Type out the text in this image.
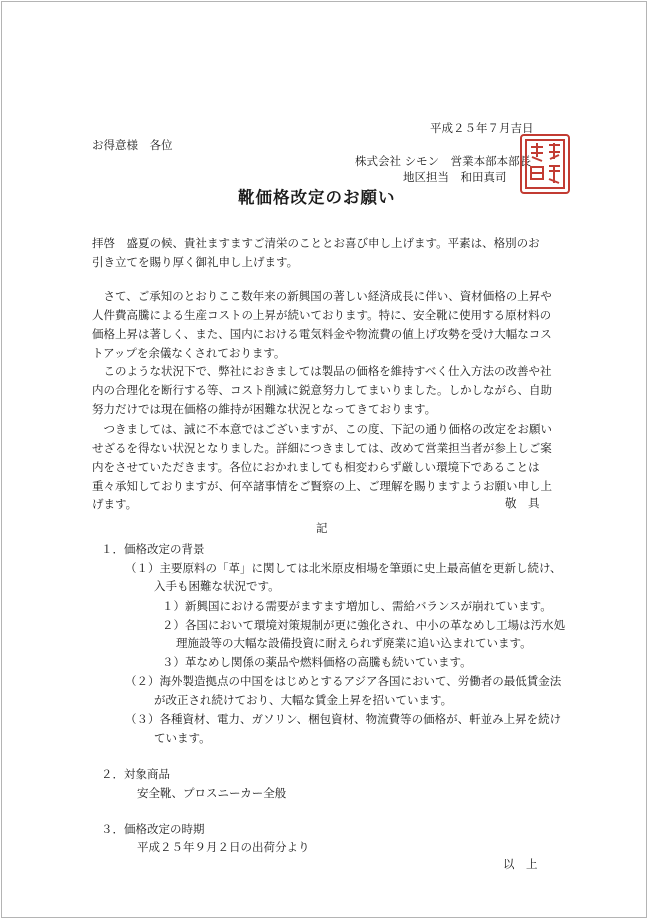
平成２５年７月吉日
お得意様　各位
株式会社 シモン　営業本部本部長
地区担当　和田真司
靴価格改定のお願い
拝啓　盛夏の候、貴社ますますご清栄のこととお喜び申し上げます。平素は、格別のお
引き立てを賜り厚く御礼申し上げます。
　さて、ご承知のとおりここ数年来の新興国の著しい経済成長に伴い、資材価格の上昇や
人件費高騰による生産コストの上昇が続いております。特に、安全靴に使用する原材料の
価格上昇は著しく、また、国内における電気料金や物流費の値上げ攻勢を受け大幅なコス
トアップを余儀なくされております。
　このような状況下で、弊社におきましては製品の価格を維持すべく仕入方法の改善や社
内の合理化を断行する等、コスト削減に鋭意努力してまいりました。しかしながら、自助
努力だけでは現在価格の維持が困難な状況となってきております。
　つきましては、誠に不本意ではございますが、この度、下記の通り価格の改定をお願い
せざるを得ない状況となりました。詳細につきましては、改めて営業担当者が参上しご案
内をさせていただきます。各位におかれましても相変わらず厳しい環境下であることは
重々承知しておりますが、何卒諸事情をご賢察の上、ご理解を賜りますようお願い申し上
げます。	敬　具
記
１．価格改定の背景
（１）主要原料の「革」に関しては北米原皮相場を筆頭に史上最高値を更新し続け、
入手も困難な状況です。
１）新興国における需要がますます増加し、需給バランスが崩れています。
２）各国において環境対策規制が更に強化され、中小の革なめし工場は汚水処
理施設等の大幅な設備投資に耐えられず廃業に追い込まれています。
３）革なめし関係の薬品や燃料価格の高騰も続いています。
（２）海外製造拠点の中国をはじめとするアジア各国において、労働者の最低賃金法
が改正され続けており、大幅な賃金上昇を招いています。
（３）各種資材、電力、ガソリン、梱包資材、物流費等の価格が、軒並み上昇を続け
ています。
２．対象商品
安全靴、プロスニーカー全般
３．価格改定の時期
平成２５年９月２日の出荷分より
以　上
